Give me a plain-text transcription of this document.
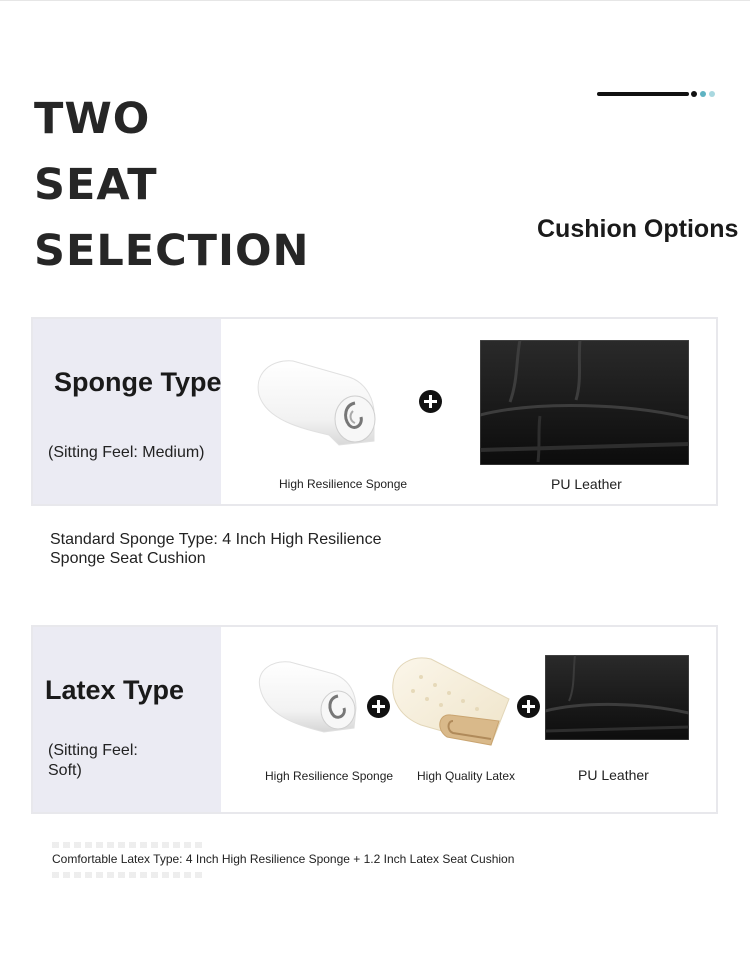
TWO
SEAT
SELECTION	Cushion Options
Sponge Type
(Sitting Feel: Medium)
High Resilience Sponge	PU Leather

Standard Sponge Type: 4 Inch High Resilience Sponge Seat Cushion

Latex Type
(Sitting Feel: Soft)	High Resilience Sponge High Quality Latex	PU Leather

Comfortable Latex Type: 4 Inch High Resilience Sponge + 1.2 Inch Latex Seat Cushion
